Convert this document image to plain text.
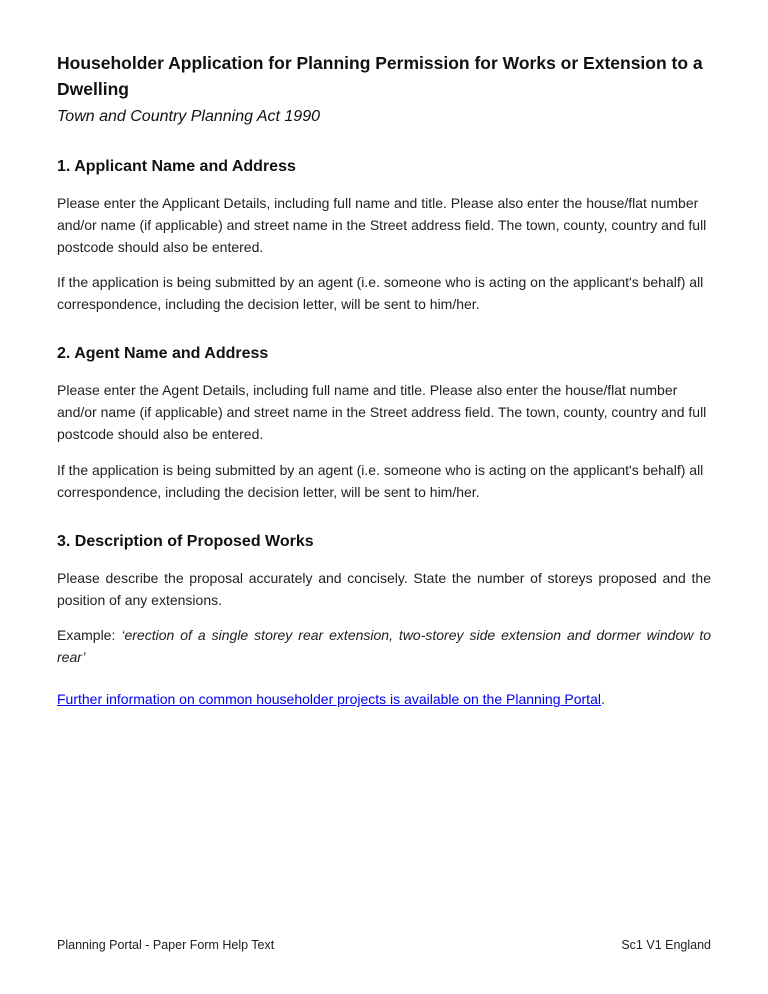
Householder Application for Planning Permission for Works or Extension to a Dwelling

Town and Country Planning Act 1990

1. Applicant Name and Address

Please enter the Applicant Details, including full name and title. Please also enter the house/flat number and/or name (if applicable) and street name in the Street address field. The town, county, country and full postcode should also be entered.

If the application is being submitted by an agent (i.e. someone who is acting on the applicant's behalf) all correspondence, including the decision letter, will be sent to him/her.

2. Agent Name and Address

Please enter the Agent Details, including full name and title. Please also enter the house/flat number and/or name (if applicable) and street name in the Street address field. The town, county, country and full postcode should also be entered.

If the application is being submitted by an agent (i.e. someone who is acting on the applicant's behalf) all correspondence, including the decision letter, will be sent to him/her.

3. Description of Proposed Works

Please describe the proposal accurately and concisely. State the number of storeys proposed and the position of any extensions.

Example: ‘erection of a single storey rear extension, two-storey side extension and dormer window to rear’

Further information on common householder projects is available on the Planning Portal.

Planning Portal - Paper Form Help Text	Sc1 V1 England
